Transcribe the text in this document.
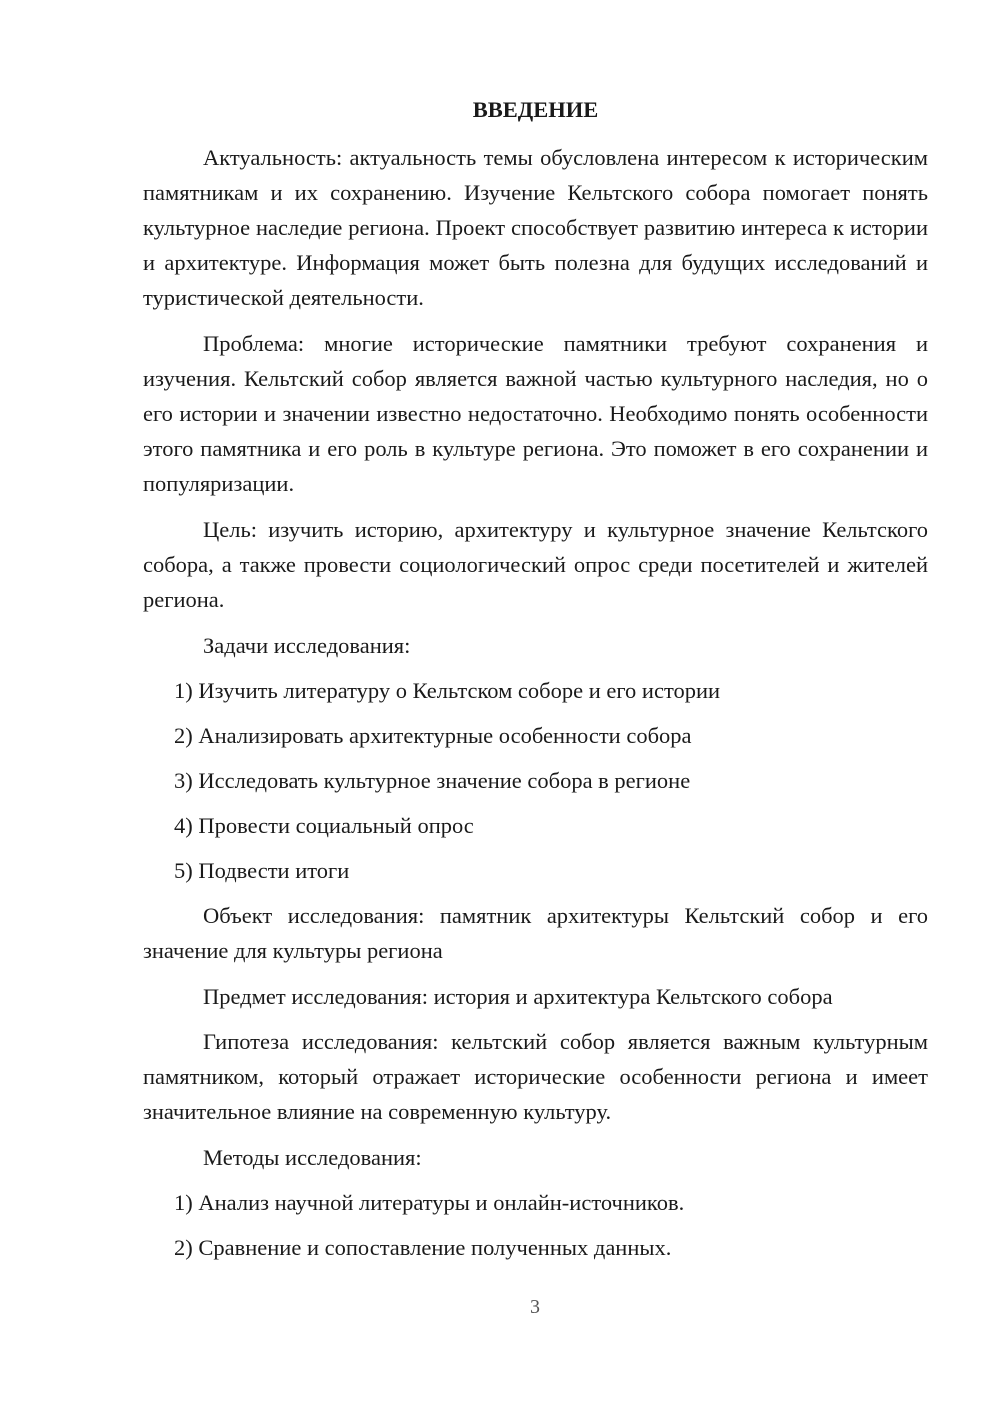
ВВЕДЕНИЕ

Актуальность: актуальность темы обусловлена интересом к историческим памятникам и их сохранению. Изучение Кельтского собора помогает понять культурное наследие региона. Проект способствует развитию интереса к истории и архитектуре. Информация может быть полезна для будущих исследований и туристической деятельности.

Проблема: многие исторические памятники требуют сохранения и изучения. Кельтский собор является важной частью культурного наследия, но о его истории и значении известно недостаточно. Необходимо понять особенности этого памятника и его роль в культуре региона. Это поможет в его сохранении и популяризации.

Цель: изучить историю, архитектуру и культурное значение Кельтского собора, а также провести социологический опрос среди посетителей и жителей региона.

Задачи исследования:
1) Изучить литературу о Кельтском соборе и его истории
2) Анализировать архитектурные особенности собора
3) Исследовать культурное значение собора в регионе
4) Провести социальный опрос
5) Подвести итоги

Объект исследования: памятник архитектуры Кельтский собор и его значение для культуры региона

Предмет исследования: история и архитектура Кельтского собора

Гипотеза исследования: кельтский собор является важным культурным памятником, который отражает исторические особенности региона и имеет значительное влияние на современную культуру.

Методы исследования:
1) Анализ научной литературы и онлайн-источников.
2) Сравнение и сопоставление полученных данных.
3
